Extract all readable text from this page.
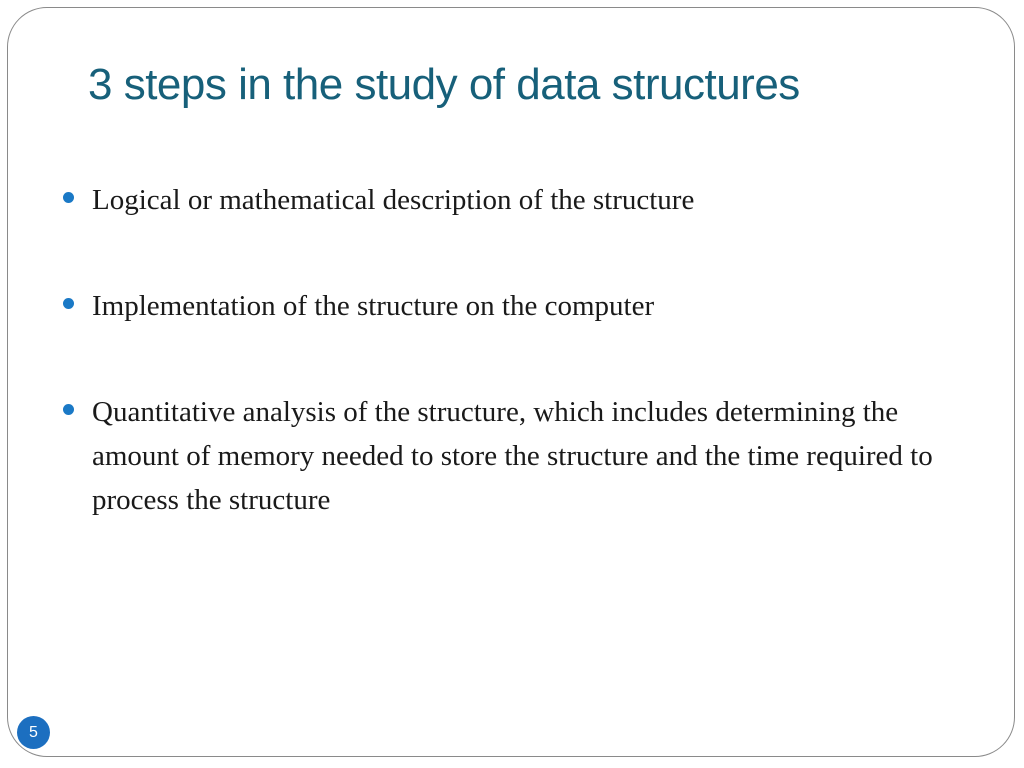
3 steps in the study of data structures
Logical or mathematical description of the structure
Implementation of the structure on the computer
Quantitative analysis of the structure, which includes determining the amount of memory needed to store the structure and the time required to process the structure
5
